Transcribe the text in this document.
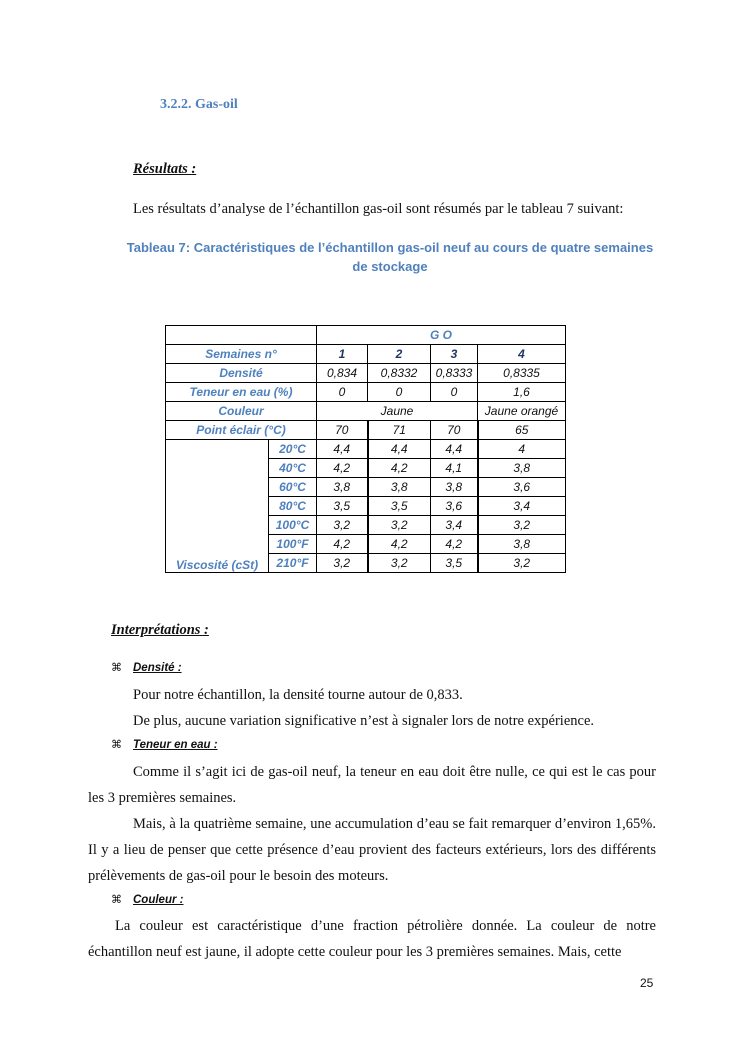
3.2.2. Gas-oil
Résultats :
Les résultats d’analyse de l’échantillon gas-oil sont résumés par le tableau 7 suivant:
Tableau 7: Caractéristiques de l’échantillon gas-oil neuf au cours de quatre semaines
de stockage
		G O			
Semaines n°		1	2	3	4
Densité		0,834	0,8332	0,8333	0,8335
Teneur en eau (%)		0	0	0	1,6
Couleur		Jaune			Jaune orangé
Point éclair (°C)		70	71	70	65
Viscosité (cSt)	20°C	4,4	4,4	4,4	4
	40°C	4,2	4,2	4,1	3,8
	60°C	3,8	3,8	3,8	3,6
	80°C	3,5	3,5	3,6	3,4
	100°C	3,2	3,2	3,4	3,2
	100°F	4,2	4,2	4,2	3,8
	210°F	3,2	3,2	3,5	3,2
Interprétations :
⌘ Densité :
Pour notre échantillon, la densité tourne autour de 0,833.
De plus, aucune variation significative n’est à signaler lors de notre expérience.
⌘ Teneur en eau :
Comme il s’agit ici de gas-oil neuf, la teneur en eau doit être nulle, ce qui est le cas pour les 3 premières semaines.
Mais, à la quatrième semaine, une accumulation d’eau se fait remarquer d’environ 1,65%. Il y a lieu de penser que cette présence d’eau provient des facteurs extérieurs, lors des différents prélèvements de gas-oil pour le besoin des moteurs.
⌘ Couleur :
La couleur est caractéristique d’une fraction pétrolière donnée. La couleur de notre échantillon neuf est jaune, il adopte cette couleur pour les 3 premières semaines. Mais, cette
25
